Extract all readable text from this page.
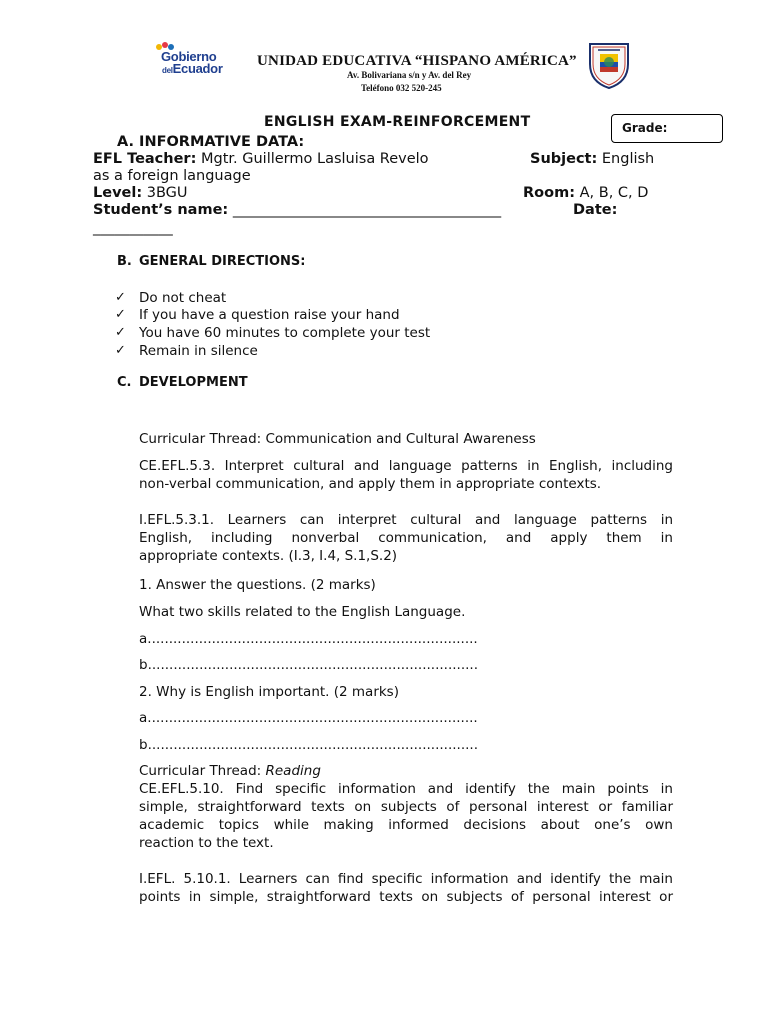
Gobierno
delEcuador UNIDAD EDUCATIVA “HISPANO AMÉRICA”
Av. Bolivariana s/n y Av. del Rey
Teléfono 032 520-245
ENGLISH EXAM-REINFORCEMENT	Grade:
A. INFORMATIVE DATA:
EFL Teacher: Mgtr. Guillermo Lasluisa Revelo	Subject: English
as a foreign language
Level: 3BGU	Room: A, B, C, D
Student’s name: _____________________________________	Date:
___________
B. GENERAL DIRECTIONS:
✓ Do not cheat
✓ If you have a question raise your hand
✓ You have 60 minutes to complete your test
✓ Remain in silence
C. DEVELOPMENT
Curricular Thread: Communication and Cultural Awareness
CE.EFL.5.3. Interpret cultural and language patterns in English, including
non-verbal communication, and apply them in appropriate contexts.
I.EFL.5.3.1. Learners can interpret cultural and language patterns in
English, including nonverbal communication, and apply them in
appropriate contexts. (I.3, I.4, S.1,S.2)
1. Answer the questions. (2 marks)
What two skills related to the English Language.
a.............................................................................
b.............................................................................
2. Why is English important. (2 marks)
a.............................................................................
b.............................................................................
Curricular Thread: Reading
CE.EFL.5.10. Find specific information and identify the main points in
simple, straightforward texts on subjects of personal interest or familiar
academic topics while making informed decisions about one’s own
reaction to the text.
I.EFL. 5.10.1. Learners can find specific information and identify the main
points in simple, straightforward texts on subjects of personal interest or
